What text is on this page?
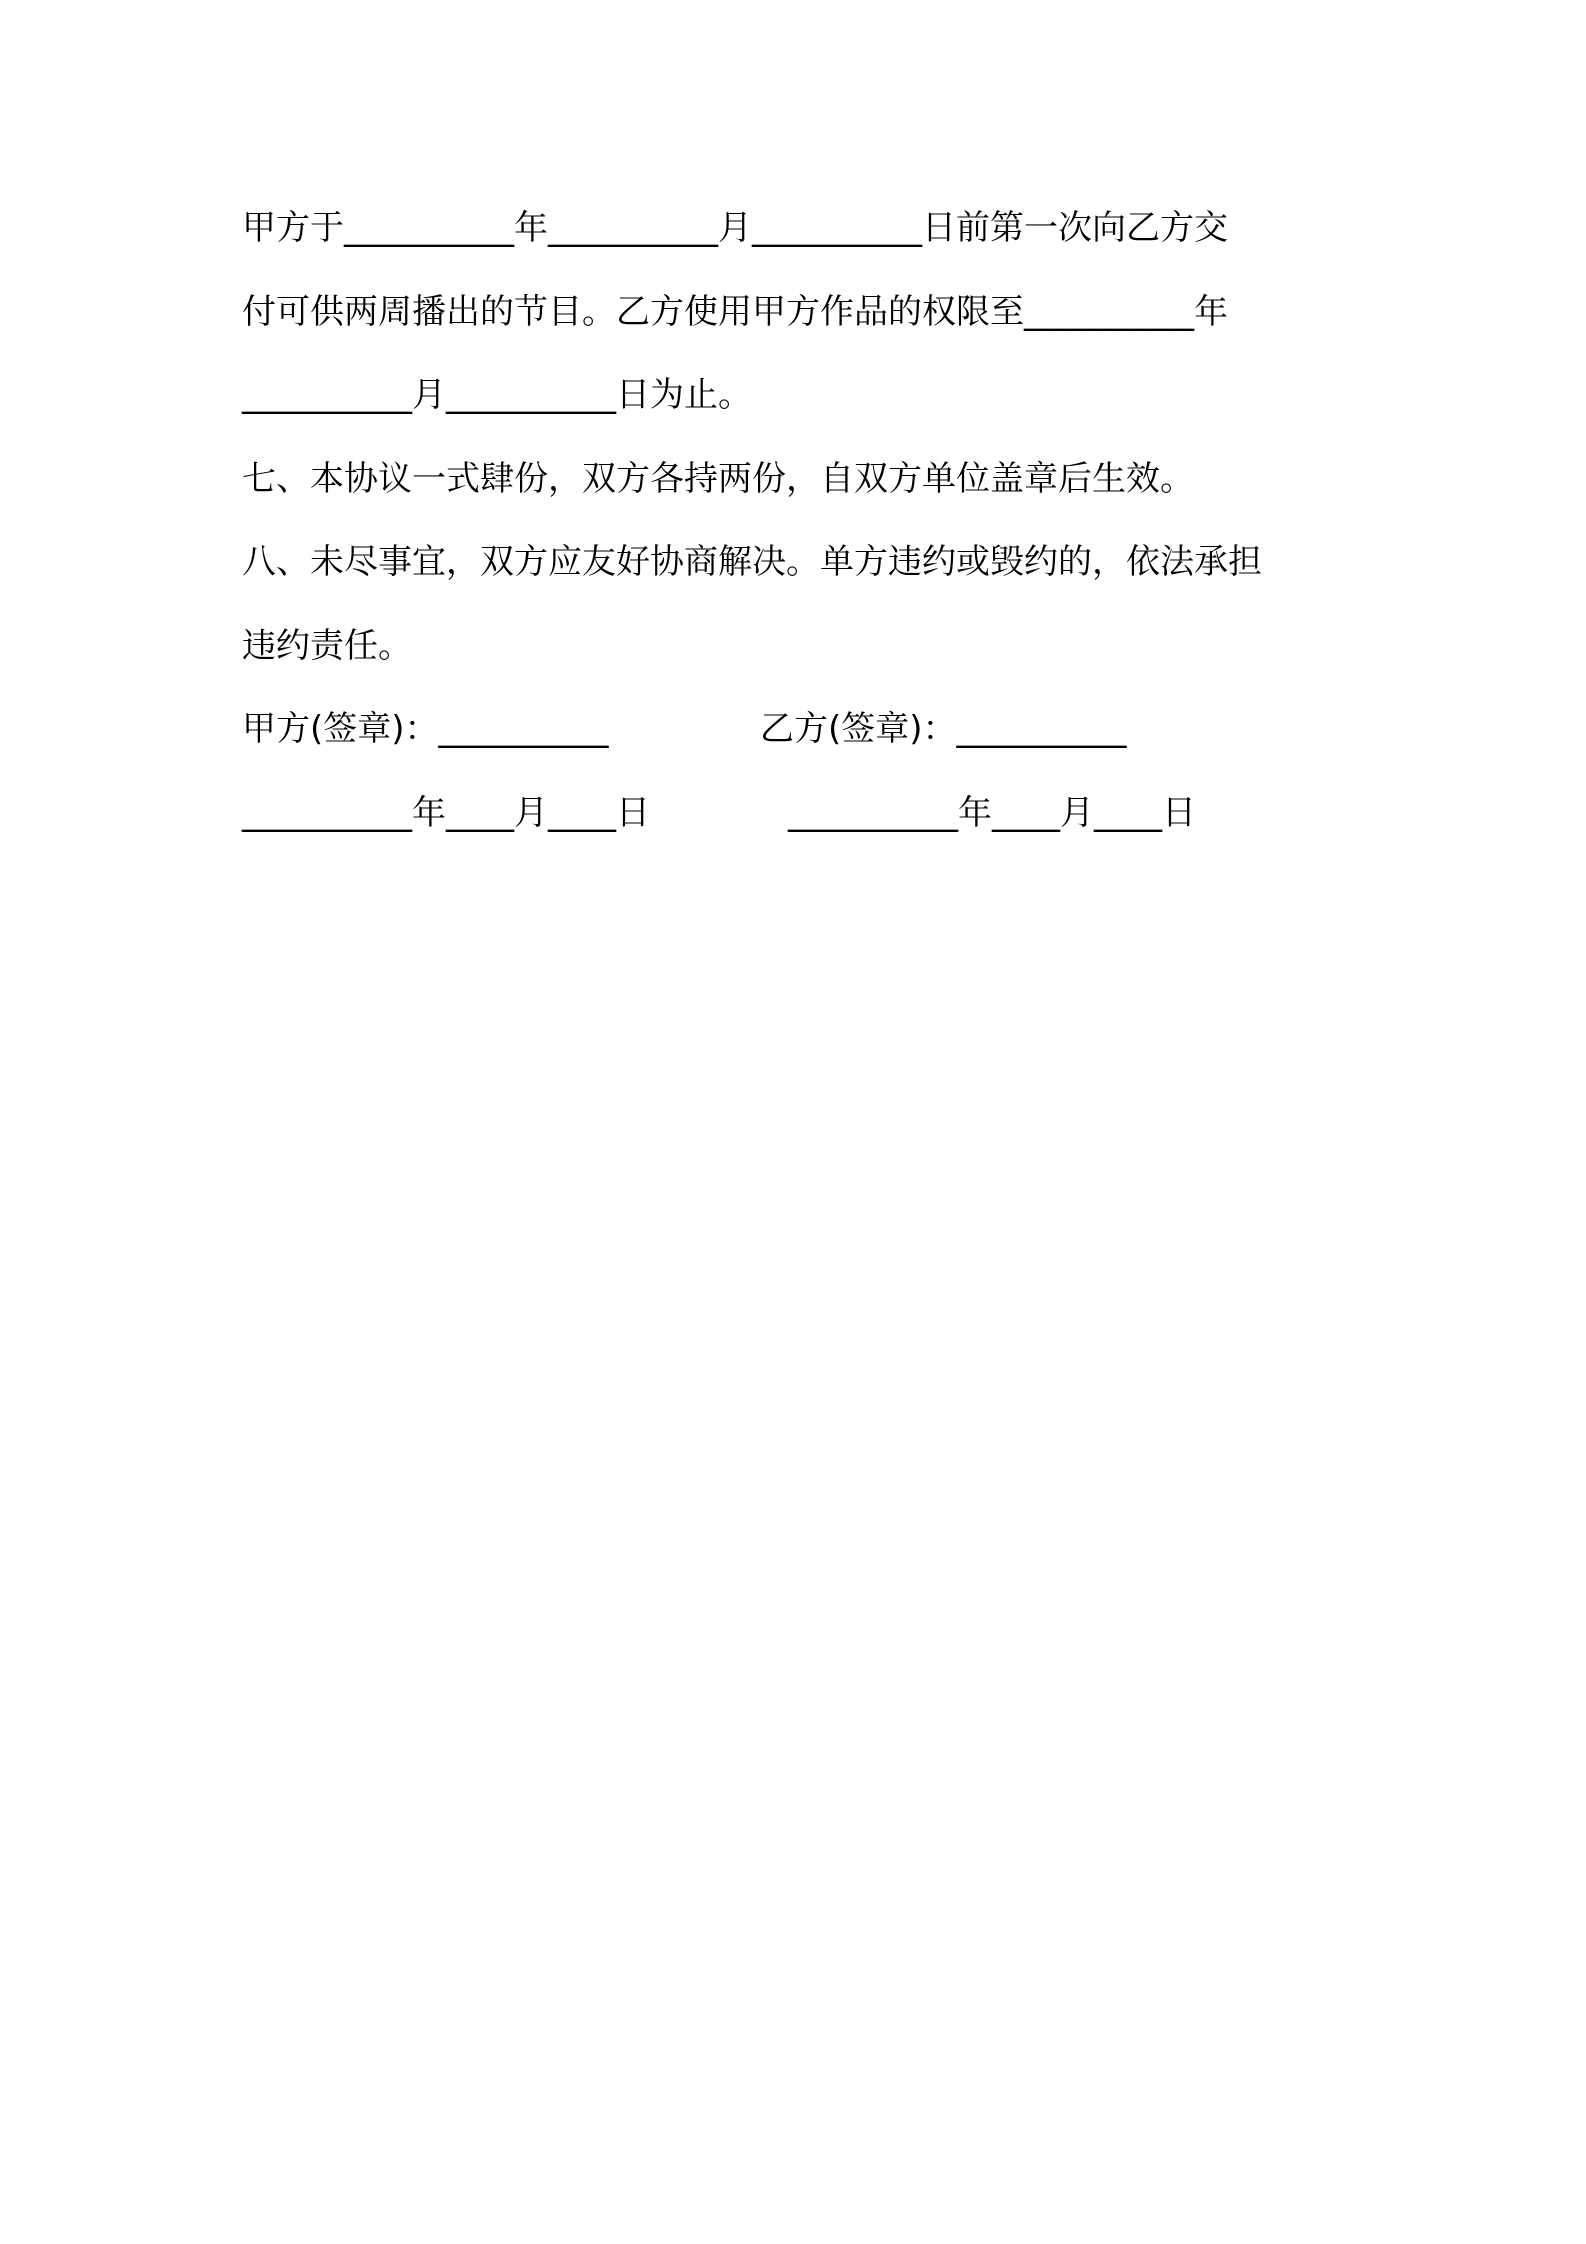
甲方于__________年__________月__________日前第一次向乙方交
付可供两周播出的节目。乙方使用甲方作品的权限至__________年
__________月__________日为止。
七、本协议一式肆份，双方各持两份，自双方单位盖章后生效。
八、未尽事宜，双方应友好协商解决。单方违约或毁约的，依法承担
违约责任。
甲方(签章)：__________	乙方(签章)：__________
__________年____月____日	__________年____月____日
